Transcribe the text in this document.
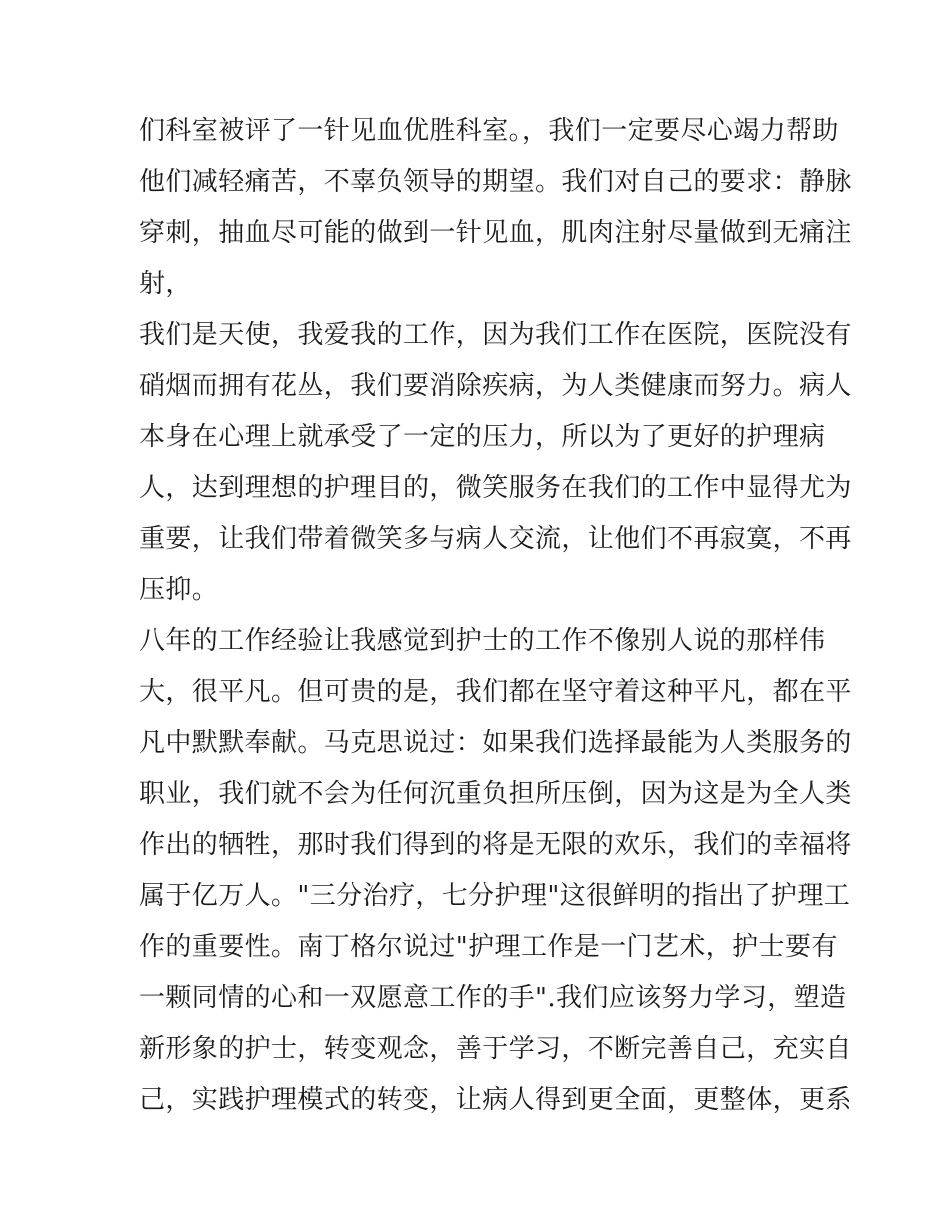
们科室被评了一针见血优胜科室。，我们一定要尽心竭力帮助
他们减轻痛苦，不辜负领导的期望。我们对自己的要求：静脉
穿刺，抽血尽可能的做到一针见血，肌肉注射尽量做到无痛注
射，
我们是天使，我爱我的工作，因为我们工作在医院，医院没有
硝烟而拥有花丛，我们要消除疾病，为人类健康而努力。病人
本身在心理上就承受了一定的压力，所以为了更好的护理病
人，达到理想的护理目的，微笑服务在我们的工作中显得尤为
重要，让我们带着微笑多与病人交流，让他们不再寂寞，不再
压抑。
八年的工作经验让我感觉到护士的工作不像别人说的那样伟
大，很平凡。但可贵的是，我们都在坚守着这种平凡，都在平
凡中默默奉献。马克思说过：如果我们选择最能为人类服务的
职业，我们就不会为任何沉重负担所压倒，因为这是为全人类
作出的牺牲，那时我们得到的将是无限的欢乐，我们的幸福将
属于亿万人。"三分治疗，七分护理"这很鲜明的指出了护理工
作的重要性。南丁格尔说过"护理工作是一门艺术，护士要有
一颗同情的心和一双愿意工作的手".我们应该努力学习，塑造
新形象的护士，转变观念，善于学习，不断完善自己，充实自
己，实践护理模式的转变，让病人得到更全面，更整体，更系
